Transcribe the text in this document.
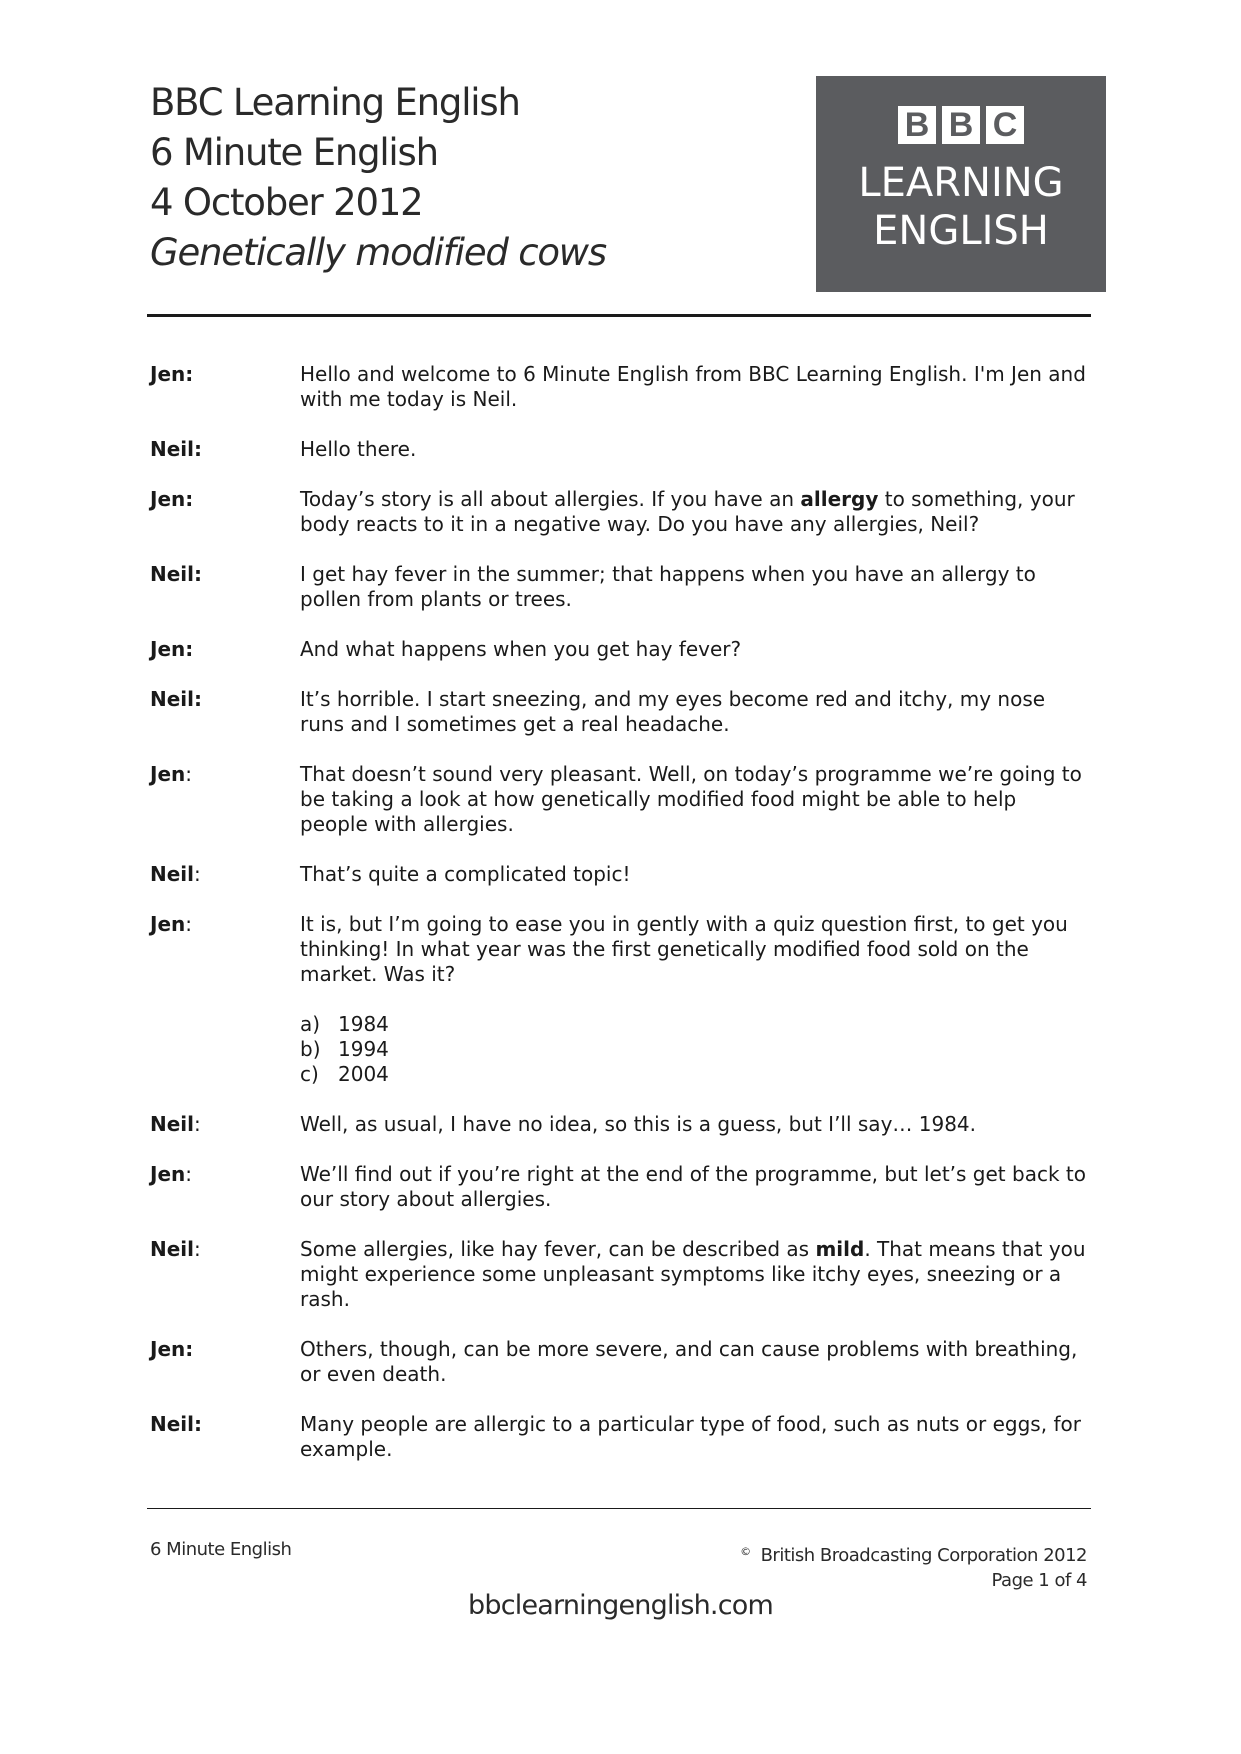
BBC Learning English
6 Minute English
4 October 2012
Genetically modified cows
B B C
LEARNING
ENGLISH
Jen:	Hello and welcome to 6 Minute English from BBC Learning English. I'm Jen and with me today is Neil.
Neil:	Hello there.
Jen:	Today’s story is all about allergies. If you have an allergy to something, your body reacts to it in a negative way. Do you have any allergies, Neil?
Neil:	I get hay fever in the summer; that happens when you have an allergy to pollen from plants or trees.
Jen:	And what happens when you get hay fever?
Neil:	It’s horrible. I start sneezing, and my eyes become red and itchy, my nose runs and I sometimes get a real headache.
Jen:	That doesn’t sound very pleasant. Well, on today’s programme we’re going to be taking a look at how genetically modified food might be able to help people with allergies.
Neil:	That’s quite a complicated topic!
Jen:	It is, but I’m going to ease you in gently with a quiz question first, to get you thinking! In what year was the first genetically modified food sold on the market. Was it?
a) 1984
b) 1994
c) 2004
Neil:	Well, as usual, I have no idea, so this is a guess, but I’ll say… 1984.
Jen:	We’ll find out if you’re right at the end of the programme, but let’s get back to our story about allergies.
Neil:	Some allergies, like hay fever, can be described as mild. That means that you might experience some unpleasant symptoms like itchy eyes, sneezing or a rash.
Jen:	Others, though, can be more severe, and can cause problems with breathing, or even death.
Neil:	Many people are allergic to a particular type of food, such as nuts or eggs, for example.
6 Minute English	© British Broadcasting Corporation 2012
Page 1 of 4
bbclearningenglish.com
